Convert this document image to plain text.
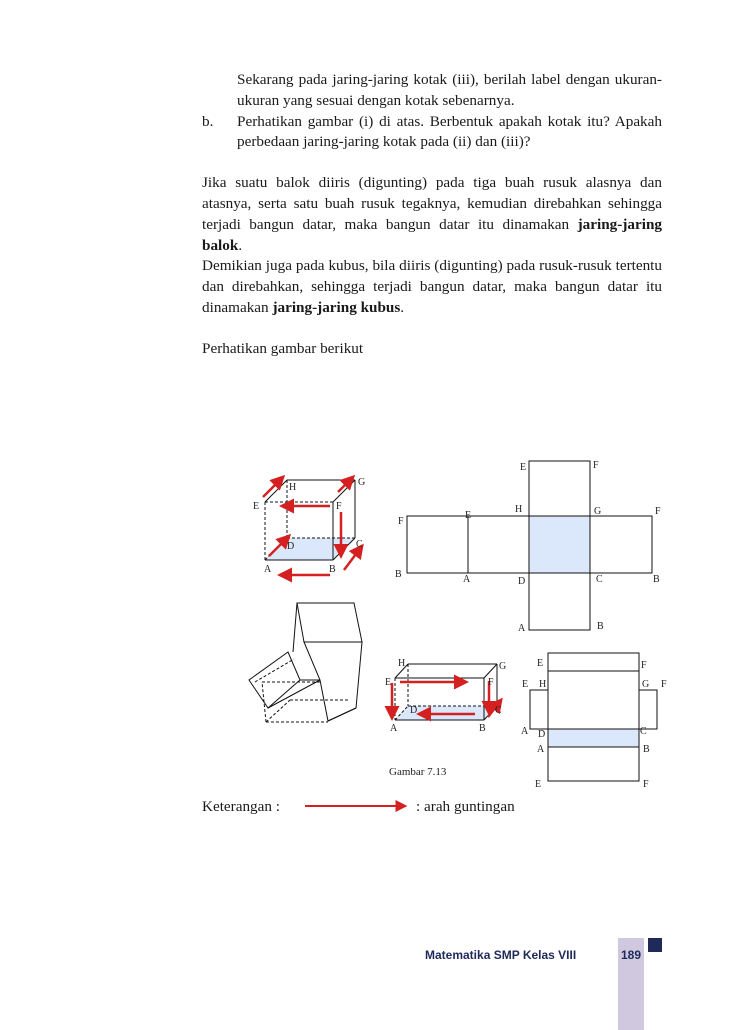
Sekarang pada jaring-jaring kotak (iii), berilah label dengan ukuran-ukuran yang sesuai dengan kotak sebenarnya.

b.	Perhatikan gambar (i) di atas. Berbentuk apakah kotak itu? Apakah perbedaan jaring-jaring kotak pada (ii) dan (iii)?

Jika suatu balok diiris (digunting) pada tiga buah rusuk alasnya dan atasnya, serta satu buah rusuk tegaknya, kemudian direbahkan sehingga terjadi bangun datar, maka bangun datar itu dinamakan jaring-jaring balok.

Demikian juga pada kubus, bila diiris (digunting) pada rusuk-rusuk tertentu dan direbahkan, sehingga terjadi bangun datar, maka bangun datar itu dinamakan jaring-jaring kubus.

Perhatikan gambar berikut

H	G
E	F
D	C
A	B
E	F
H	G	F
F
E
B	A	D	C	B
A	B
H	G
E	F
D	C
A	B
Gambar 7.13
E	F
E H	G F
A D	C
A	B
E	F
Keterangan :	: arah guntingan
Matematika SMP Kelas VIII	189
